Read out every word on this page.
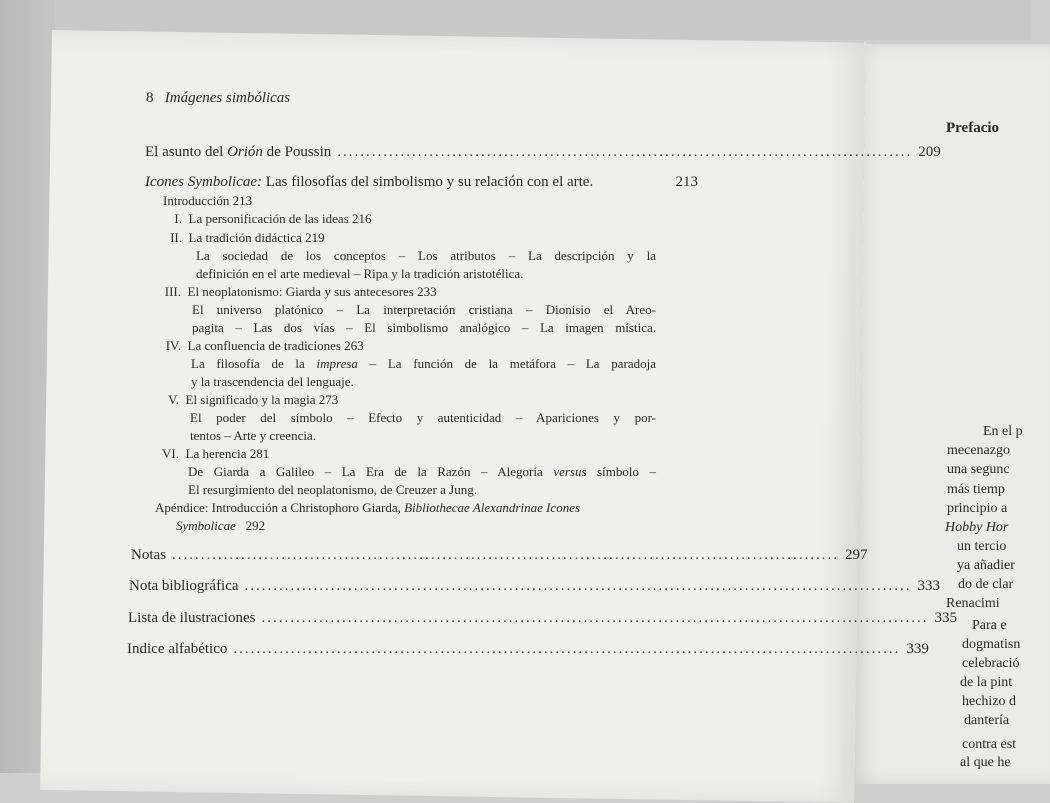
8 Imágenes simbólicas
El asunto del Orión de Poussin .................................................................................................... 209
Icones Symbolicae: Las filosofías del simbolismo y su relación con el arte.	213
Introducción 213
I. La personificación de las ideas 216
II. La tradición didáctica 219
La sociedad de los conceptos – Los atributos – La descripción y la
definición en el arte medieval – Ripa y la tradición aristotélica.
III. El neoplatonismo: Giarda y sus antecesores 233
El universo platónico – La interpretación cristiana – Dionisio el Areo-
pagita – Las dos vías – El simbolismo analógico – La imagen mística.
IV. La confluencia de tradiciones 263
La filosofía de la impresa – La función de la metáfora – La paradoja
y la trascendencia del lenguaje.
V. El significado y la magia 273
El poder del símbolo – Efecto y autenticidad – Apariciones y por-
tentos – Arte y creencia.
VI. La herencia 281
De Giarda a Galileo – La Era de la Razón – Alegoría versus símbolo –
El resurgimiento del neoplatonismo, de Creuzer a Jung.
Apéndice: Introducción a Christophoro Giarda, Bibliothecae Alexandrinae Icones
Symbolicae   292
Notas .................................................................................................................... 297
Nota bibliográfica .................................................................................................................... 333
Lista de ilustraciones .................................................................................................................... 335
Indice alfabético .................................................................................................................... 339
Prefacio
En el p
mecenazgo
una segunc
más tiemp
principio a
Hobby Hor
un tercio
ya añadier
do de clar
Renacimi
Para e
dogmatisn
celebració
de la pint
hechizo d
dantería
contra est
al que he
